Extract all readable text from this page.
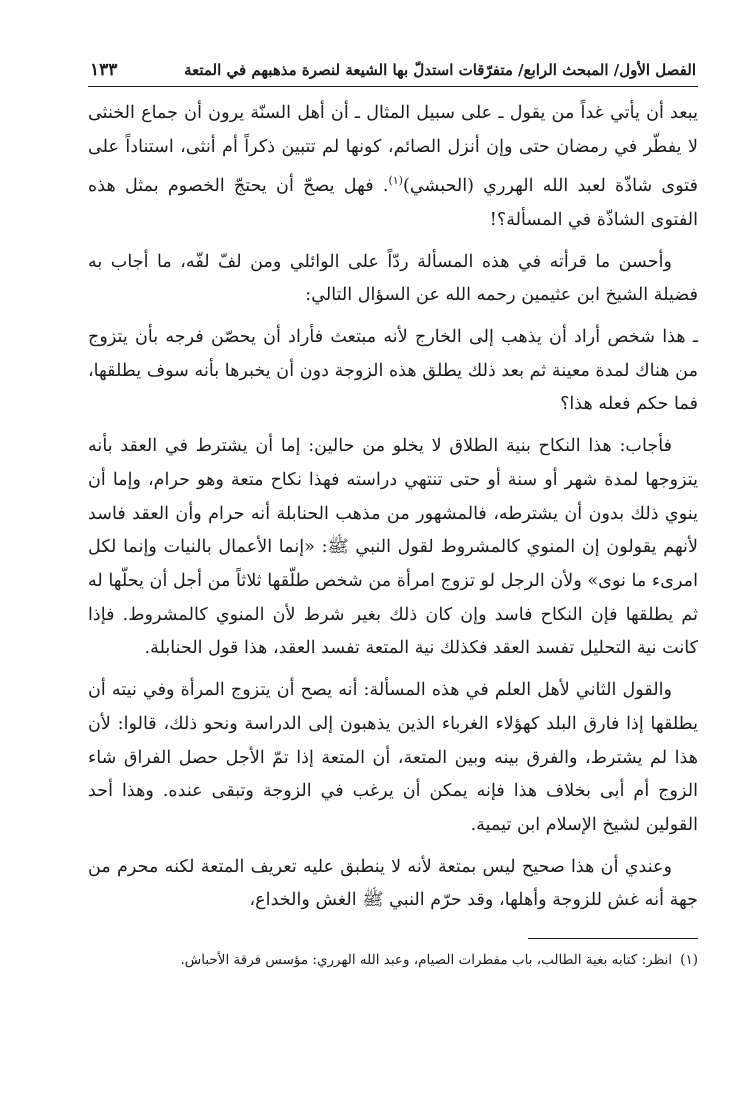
الفصل الأول/ المبحث الرابع/ متفرّقات استدلّ بها الشيعة لنصرة مذهبهم في المتعة
١٣٣

يبعد أن يأتي غداً من يقول ـ على سبيل المثال ـ أن أهل السنّة يرون أن جماع الخنثى لا يفطّر في رمضان حتى وإن أنزل الصائم، كونها لم تتبين ذكراً أم أنثى، استناداً على فتوى شاذّة لعبد الله الهرري (الحبشي)$^{(١)}$. فهل يصحّ أن يحتجّ الخصوم بمثل هذه الفتوى الشاذّة في المسألة؟!

وأحسن ما قرأته في هذه المسألة ردّاً على الوائلي ومن لفّ لفّه، ما أجاب به فضيلة الشيخ ابن عثيمين رحمه الله عن السؤال التالي:

ـ هذا شخص أراد أن يذهب إلى الخارج لأنه مبتعث فأراد أن يحصّن فرجه بأن يتزوج من هناك لمدة معينة ثم بعد ذلك يطلق هذه الزوجة دون أن يخبرها بأنه سوف يطلقها، فما حكم فعله هذا؟

فأجاب: هذا النكاح بنية الطلاق لا يخلو من حالين: إما أن يشترط في العقد بأنه يتزوجها لمدة شهر أو سنة أو حتى تنتهي دراسته فهذا نكاح متعة وهو حرام، وإما أن ينوي ذلك بدون أن يشترطه، فالمشهور من مذهب الحنابلة أنه حرام وأن العقد فاسد لأنهم يقولون إن المنوي كالمشروط لقول النبي ﷺ: «إنما الأعمال بالنيات وإنما لكل امرىء ما نوى» ولأن الرجل لو تزوج امرأة من شخص طلّقها ثلاثاً من أجل أن يحلّها له ثم يطلقها فإن النكاح فاسد وإن كان ذلك بغير شرط لأن المنوي كالمشروط. فإذا كانت نية التحليل تفسد العقد فكذلك نية المتعة تفسد العقد، هذا قول الحنابلة.

والقول الثاني لأهل العلم في هذه المسألة: أنه يصح أن يتزوج المرأة وفي نيته أن يطلقها إذا فارق البلد كهؤلاء الغرباء الذين يذهبون إلى الدراسة ونحو ذلك، قالوا: لأن هذا لم يشترط، والفرق بينه وبين المتعة، أن المتعة إذا تمّ الأجل حصل الفراق شاء الزوج أم أبى بخلاف هذا فإنه يمكن أن يرغب في الزوجة وتبقى عنده. وهذا أحد القولين لشيخ الإسلام ابن تيمية.

وعندي أن هذا صحيح ليس بمتعة لأنه لا ينطبق عليه تعريف المتعة لكنه محرم من جهة أنه غش للزوجة وأهلها، وقد حرّم النبي ﷺ الغش والخداع،

(١)انظر: كتابه بغية الطالب، باب مفطرات الصيام، وعبد الله الهرري: مؤسس فرقة الأحباش.
